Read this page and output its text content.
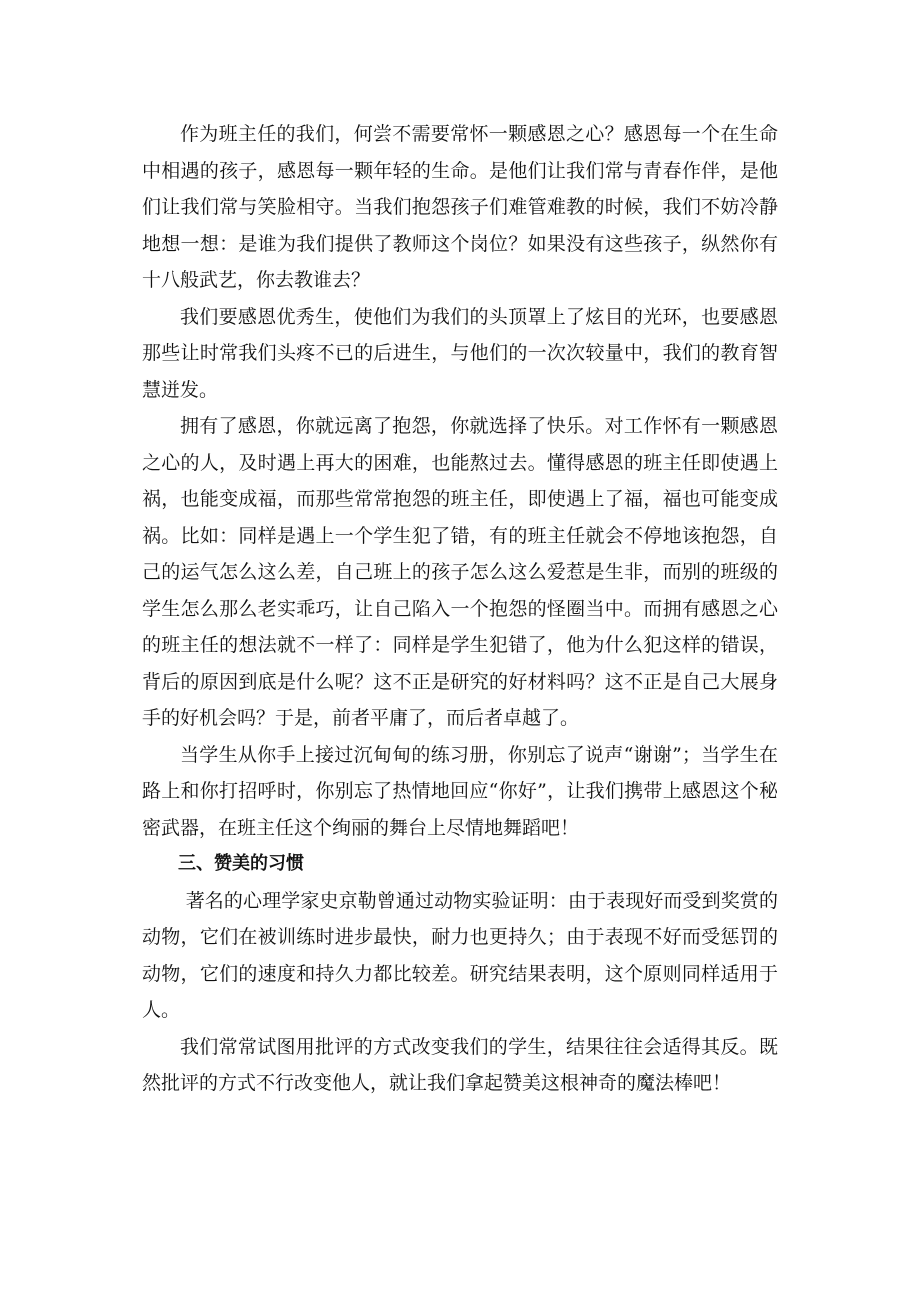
作为班主任的我们，何尝不需要常怀一颗感恩之心？感恩每一个在生命中相遇的孩子，感恩每一颗年轻的生命。是他们让我们常与青春作伴，是他们让我们常与笑脸相守。当我们抱怨孩子们难管难教的时候，我们不妨冷静地想一想：是谁为我们提供了教师这个岗位？如果没有这些孩子，纵然你有十八般武艺，你去教谁去？

我们要感恩优秀生，使他们为我们的头顶罩上了炫目的光环，也要感恩那些让时常我们头疼不已的后进生，与他们的一次次较量中，我们的教育智慧迸发。

拥有了感恩，你就远离了抱怨，你就选择了快乐。对工作怀有一颗感恩之心的人，及时遇上再大的困难，也能熬过去。懂得感恩的班主任即使遇上祸，也能变成福，而那些常常抱怨的班主任，即使遇上了福，福也可能变成祸。比如：同样是遇上一个学生犯了错，有的班主任就会不停地该抱怨，自己的运气怎么这么差，自己班上的孩子怎么这么爱惹是生非，而别的班级的学生怎么那么老实乖巧，让自己陷入一个抱怨的怪圈当中。而拥有感恩之心的班主任的想法就不一样了：同样是学生犯错了，他为什么犯这样的错误，背后的原因到底是什么呢？这不正是研究的好材料吗？这不正是自己大展身手的好机会吗？于是，前者平庸了，而后者卓越了。

当学生从你手上接过沉甸甸的练习册，你别忘了说声“谢谢”；当学生在路上和你打招呼时，你别忘了热情地回应“你好”，让我们携带上感恩这个秘密武器，在班主任这个绚丽的舞台上尽情地舞蹈吧！

三、赞美的习惯

著名的心理学家史京勒曾通过动物实验证明：由于表现好而受到奖赏的动物，它们在被训练时进步最快，耐力也更持久；由于表现不好而受惩罚的动物，它们的速度和持久力都比较差。研究结果表明，这个原则同样适用于人。

我们常常试图用批评的方式改变我们的学生，结果往往会适得其反。既然批评的方式不行改变他人，就让我们拿起赞美这根神奇的魔法棒吧！
